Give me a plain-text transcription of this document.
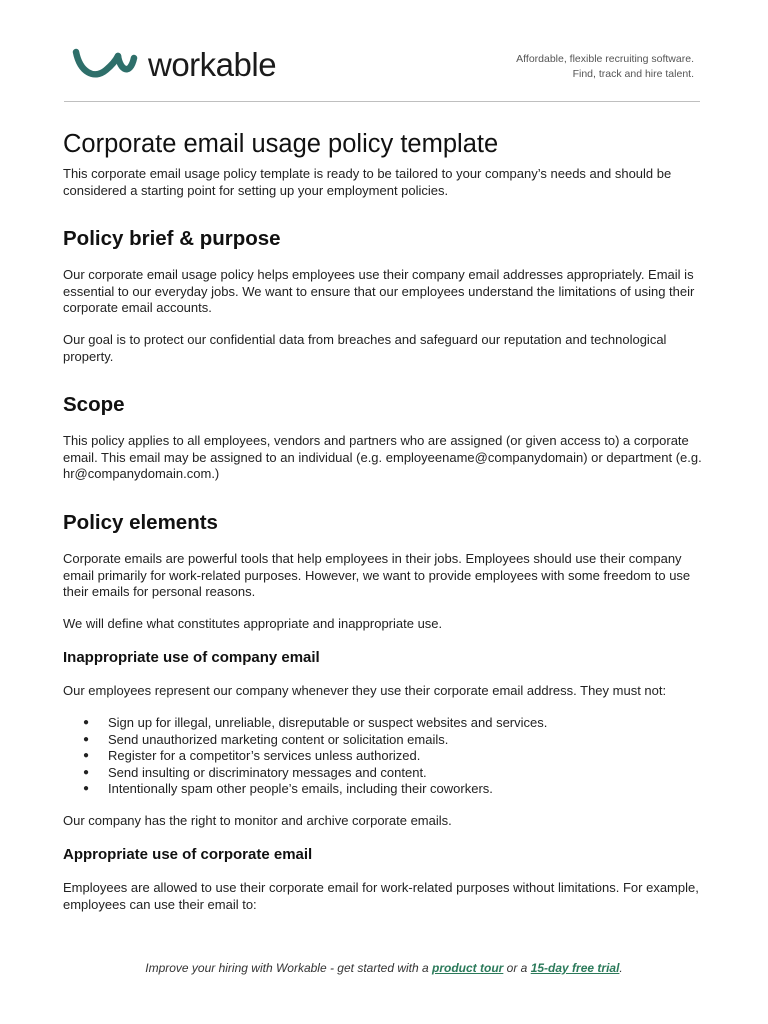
workable	Affordable, flexible recruiting software.
Find, track and hire talent.
Corporate email usage policy template

This corporate email usage policy template is ready to be tailored to your company’s needs and should be considered a starting point for setting up your employment policies.

Policy brief & purpose

Our corporate email usage policy helps employees use their company email addresses appropriately. Email is essential to our everyday jobs. We want to ensure that our employees understand the limitations of using their corporate email accounts.

Our goal is to protect our confidential data from breaches and safeguard our reputation and technological property.

Scope

This policy applies to all employees, vendors and partners who are assigned (or given access to) a corporate email. This email may be assigned to an individual (e.g. employeename@companydomain) or department (e.g. hr@companydomain.com.)

Policy elements

Corporate emails are powerful tools that help employees in their jobs. Employees should use their company email primarily for work-related purposes. However, we want to provide employees with some freedom to use their emails for personal reasons.

We will define what constitutes appropriate and inappropriate use.

Inappropriate use of company email

Our employees represent our company whenever they use their corporate email address. They must not:

● Sign up for illegal, unreliable, disreputable or suspect websites and services.
● Send unauthorized marketing content or solicitation emails.
● Register for a competitor’s services unless authorized.
● Send insulting or discriminatory messages and content.
● Intentionally spam other people’s emails, including their coworkers.

Our company has the right to monitor and archive corporate emails.

Appropriate use of corporate email

Employees are allowed to use their corporate email for work-related purposes without limitations. For example, employees can use their email to:

Improve your hiring with Workable - get started with a product tour or a 15-day free trial.
